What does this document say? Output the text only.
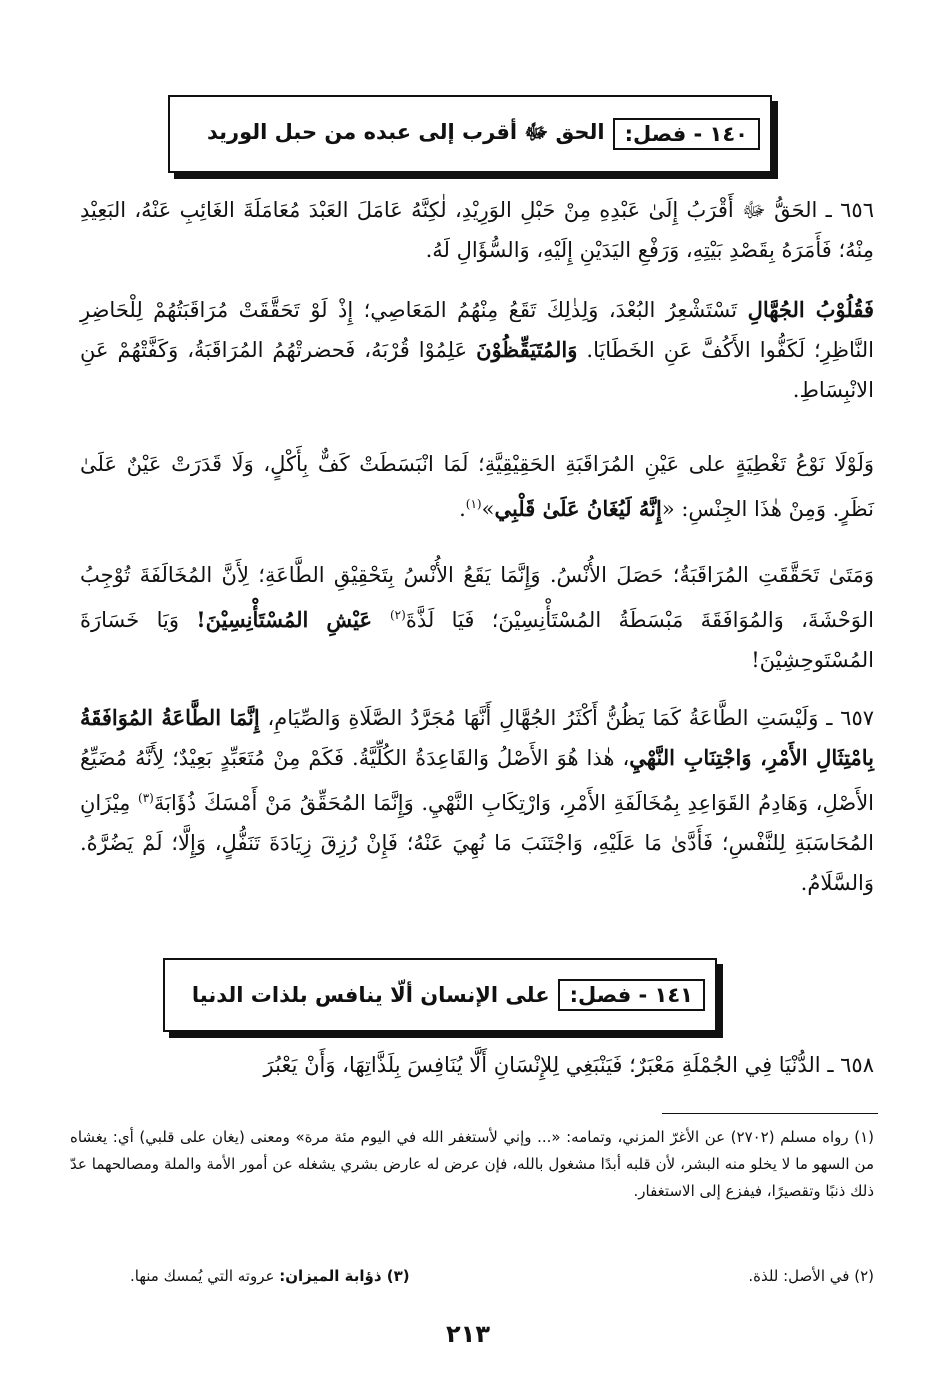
١٤٠ - فصل:
الحق ﷻ أقرب إلى عبده من حبل الوريد
٦٥٦ ـ الحَقُّ ﷻ أَقْرَبُ إِلَىٰ عَبْدِهِ مِنْ حَبْلِ الوَرِيْدِ، لٰكِنَّهُ عَامَلَ العَبْدَ مُعَامَلَةَ الغَائِبِ عَنْهُ، البَعِيْدِ مِنْهُ؛ فَأَمَرَهُ بِقَصْدِ بَيْتِهِ، وَرَفْعِ اليَدَيْنِ إِلَيْهِ، وَالسُّؤَالِ لَهُ.
فَقُلُوْبُ الجُهَّالِ تَسْتَشْعِرُ البُعْدَ، وَلِذٰلِكَ تَقَعُ مِنْهُمُ المَعَاصِي؛ إِذْ لَوْ تَحَقَّقَتْ مُرَاقَبَتُهُمْ لِلْحَاضِرِ النَّاظِرِ؛ لَكَفُّوا الأَكُفَّ عَنِ الخَطَايَا. وَالمُتَيَقِّظُوْنَ عَلِمُوْا قُرْبَهُ، فَحضرتْهُمُ المُرَاقَبَةُ، وَكَفَّتْهُمْ عَنِ الانْبِسَاطِ.
وَلَوْلَا نَوْعُ تَغْطِيَةٍ على عَيْنِ المُرَاقَبَةِ الحَقِيْقِيَّةِ؛ لَمَا انْبَسَطَتْ كَفٌّ بِأَكْلٍ، وَلَا قَدَرَتْ عَيْنٌ عَلَىٰ نَظَرٍ. وَمِنْ هٰذَا الجِنْسِ: «إِنَّهُ لَيُغَانُ عَلَىٰ قَلْبِي»$^{(١)}$.
وَمَتَىٰ تَحَقَّقَتِ المُرَاقَبَةُ؛ حَصَلَ الأُنْسُ. وَإِنَّمَا يَقَعُ الأُنْسُ بِتَحْقِيْقِ الطَّاعَةِ؛ لِأَنَّ المُخَالَفَةَ تُوْجِبُ الوَحْشَةَ، وَالمُوَافَقَةَ مَبْسَطَةُ المُسْتَأْنِسِيْنَ؛ فَيَا لَذَّةَ$^{(٢)}$ عَيْشِ المُسْتَأْنِسِيْنَ! وَيَا خَسَارَةَ المُسْتَوحِشِيْنَ!
٦٥٧ ـ وَلَيْسَتِ الطَّاعَةُ كَمَا يَظُنُّ أَكْثَرُ الجُهَّالِ أَنَّهَا مُجَرَّدُ الصَّلَاةِ وَالصِّيَامِ، إِنَّمَا الطَّاعَةُ المُوَافَقَةُ بِامْتِثَالِ الأَمْرِ، وَاجْتِنَابِ النَّهْيِ، هٰذا هُوَ الأَصْلُ وَالقَاعِدَةُ الكُلِّيَّةُ. فَكَمْ مِنْ مُتَعَبِّدٍ بَعِيْدٌ؛ لِأَنَّهُ مُضَيِّعُ الأَصْلِ، وَهَادِمُ القَوَاعِدِ بِمُخَالَفَةِ الأَمْرِ، وَارْتِكَابِ النَّهْيِ. وَإِنَّمَا المُحَقِّقُ مَنْ أَمْسَكَ ذُؤَابَةَ$^{(٣)}$ مِيْزَانِ المُحَاسَبَةِ لِلنَّفْسِ؛ فَأَدَّىٰ مَا عَلَيْهِ، وَاجْتَنَبَ مَا نُهِيَ عَنْهُ؛ فَإِنْ رُزِقَ زِيَادَةَ تَنَفُّلٍ، وَإِلَّا؛ لَمْ يَضُرَّهُ. وَالسَّلَامُ.
١٤١ - فصل:
على الإنسان ألّا ينافس بلذات الدنيا
٦٥٨ ـ الدُّنْيَا فِي الجُمْلَةِ مَعْبَرٌ؛ فَيَنْبَغِي لِلإِنْسَانِ أَلَّا يُنَافِسَ بِلَذَّاتِهَا، وَأَنْ يَعْبُرَ
(١) رواه مسلم (٢٧٠٢) عن الأغرّ المزني، وتمامه: «... وإني لأستغفر الله في اليوم مئة مرة» ومعنى (يغان على قلبي) أي: يغشاه من السهو ما لا يخلو منه البشر، لأن قلبه أبدًا مشغول بالله، فإن عرض له عارض بشري يشغله عن أمور الأمة والملة ومصالحهما عدّ ذلك ذنبًا وتقصيرًا، فيفزع إلى الاستغفار.
(٢) في الأصل: للذة.
(٣) ذؤابة الميزان: عروته التي يُمسك منها.
٢١٣
